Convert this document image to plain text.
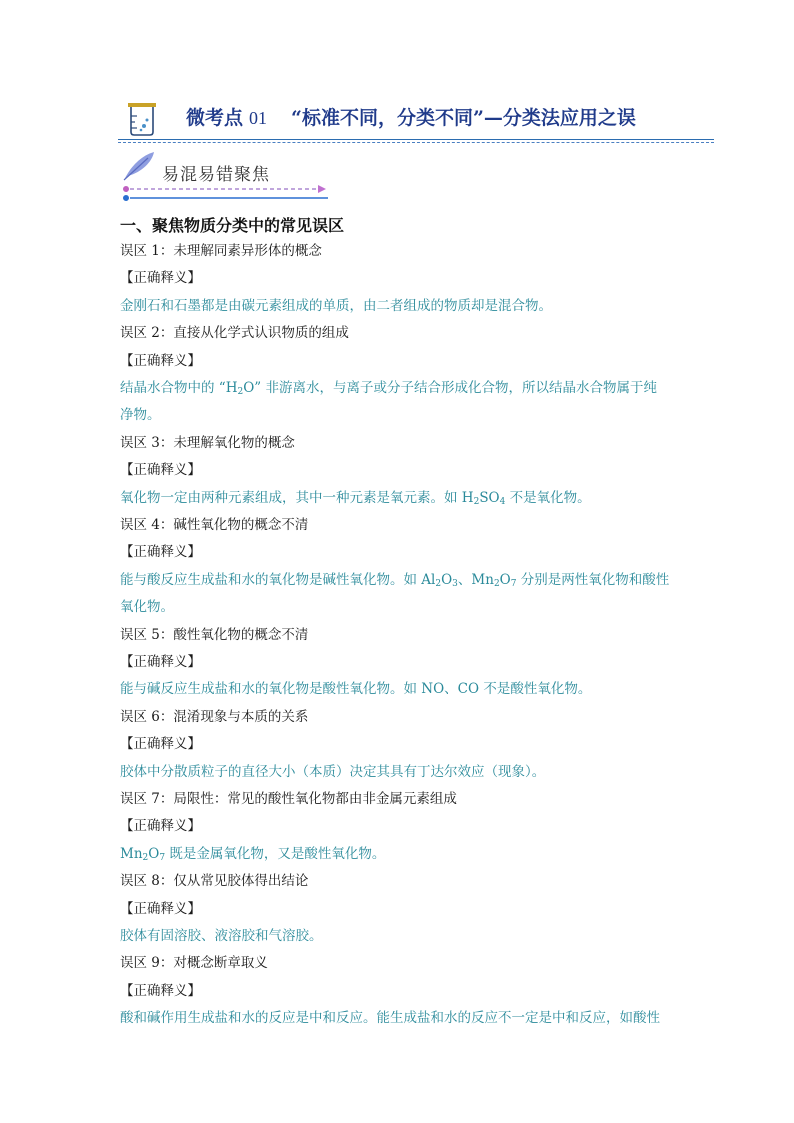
微考点 01 “标准不同，分类不同”—分类法应用之误
易混易错聚焦
一、聚焦物质分类中的常见误区
误区 1：未理解同素异形体的概念
【正确释义】
金刚石和石墨都是由碳元素组成的单质，由二者组成的物质却是混合物。
误区 2：直接从化学式认识物质的组成
【正确释义】
结晶水合物中的 “$H_2O$” 非游离水，与离子或分子结合形成化合物，所以结晶水合物属于纯
净物。
误区 3：未理解氧化物的概念
【正确释义】
氧化物一定由两种元素组成，其中一种元素是氧元素。如 $H_2SO_4$ 不是氧化物。
误区 4：碱性氧化物的概念不清
【正确释义】
能与酸反应生成盐和水的氧化物是碱性氧化物。如 $Al_2O_3$、$Mn_2O_7$ 分别是两性氧化物和酸性
氧化物。
误区 5：酸性氧化物的概念不清
【正确释义】
能与碱反应生成盐和水的氧化物是酸性氧化物。如 NO、CO 不是酸性氧化物。
误区 6：混淆现象与本质的关系
【正确释义】
胶体中分散质粒子的直径大小（本质）决定其具有丁达尔效应（现象）。
误区 7：局限性：常见的酸性氧化物都由非金属元素组成
【正确释义】
$Mn_2O_7$ 既是金属氧化物，又是酸性氧化物。
误区 8：仅从常见胶体得出结论
【正确释义】
胶体有固溶胶、液溶胶和气溶胶。
误区 9：对概念断章取义
【正确释义】
酸和碱作用生成盐和水的反应是中和反应。能生成盐和水的反应不一定是中和反应，如酸性
